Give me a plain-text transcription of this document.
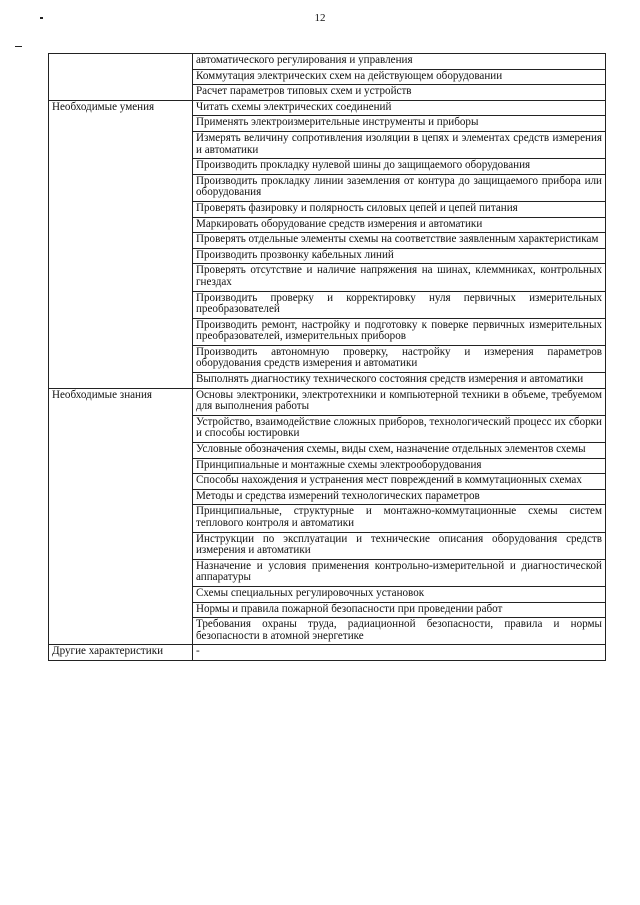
12
	автоматического регулирования и управления
	Коммутация электрических схем на действующем оборудовании
	Расчет параметров типовых схем и устройств
Необходимые умения	Читать схемы электрических соединений
	Применять электроизмерительные инструменты и приборы
	Измерять величину сопротивления изоляции в цепях и элементах средств измерения и автоматики
	Производить прокладку нулевой шины до защищаемого оборудования
	Производить прокладку линии заземления от контура до защищаемого прибора или оборудования
	Проверять фазировку и полярность силовых цепей и цепей питания
	Маркировать оборудование средств измерения и автоматики
	Проверять отдельные элементы схемы на соответствие заявленным характеристикам
	Производить прозвонку кабельных линий
	Проверять отсутствие и наличие напряжения на шинах, клеммниках, контрольных гнездах
	Производить проверку и корректировку нуля первичных измерительных преобразователей
	Производить ремонт, настройку и подготовку к поверке первичных измерительных преобразователей, измерительных приборов
	Производить автономную проверку, настройку и измерения параметров оборудования средств измерения и автоматики
	Выполнять диагностику технического состояния средств измерения и автоматики
Необходимые знания	Основы электроники, электротехники и компьютерной техники в объеме, требуемом для выполнения работы
	Устройство, взаимодействие сложных приборов, технологический процесс их сборки и способы юстировки
	Условные обозначения схемы, виды схем, назначение отдельных элементов схемы
	Принципиальные и монтажные схемы электрооборудования
	Способы нахождения и устранения мест повреждений в коммутационных схемах
	Методы и средства измерений технологических параметров
	Принципиальные, структурные и монтажно-коммутационные схемы систем теплового контроля и автоматики
	Инструкции по эксплуатации и технические описания оборудования средств измерения и автоматики
	Назначение и условия применения контрольно-измерительной и диагностической аппаратуры
	Схемы специальных регулировочных установок
	Нормы и правила пожарной безопасности при проведении работ
	Требования охраны труда, радиационной безопасности, правила и нормы безопасности в атомной энергетике
Другие характеристики	-
